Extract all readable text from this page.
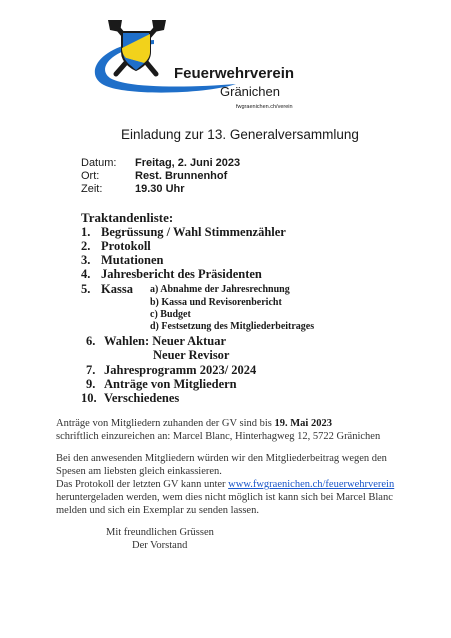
Feuerwehrverein
Gränichen
fwgraenichen.ch/verein
Einladung zur 13. Generalversammlung
Datum: Freitag, 2. Juni 2023
Ort:	Rest. Brunnenhof
Zeit:	19.30 Uhr
Traktandenliste:
1. Begrüssung / Wahl Stimmenzähler
2. Protokoll
3. Mutationen
4. Jahresbericht des Präsidenten
5. Kassa a) Abnahme der Jahresrechnung
b) Kassa und Revisorenbericht
c) Budget
d) Festsetzung des Mitgliederbeitrages
6. Wahlen: Neuer Aktuar
Neuer Revisor
7. Jahresprogramm 2023/ 2024
9. Anträge von Mitgliedern
10. Verschiedenes
Anträge von Mitgliedern zuhanden der GV sind bis 19. Mai 2023
schriftlich einzureichen an: Marcel Blanc, Hinterhagweg 12, 5722 Gränichen
Bei den anwesenden Mitgliedern würden wir den Mitgliederbeitrag wegen den
Spesen am liebsten gleich einkassieren.
Das Protokoll der letzten GV kann unter www.fwgraenichen.ch/feuerwehrverein
heruntergeladen werden, wem dies nicht möglich ist kann sich bei Marcel Blanc
melden und sich ein Exemplar zu senden lassen.
Mit freundlichen Grüssen
Der Vorstand
